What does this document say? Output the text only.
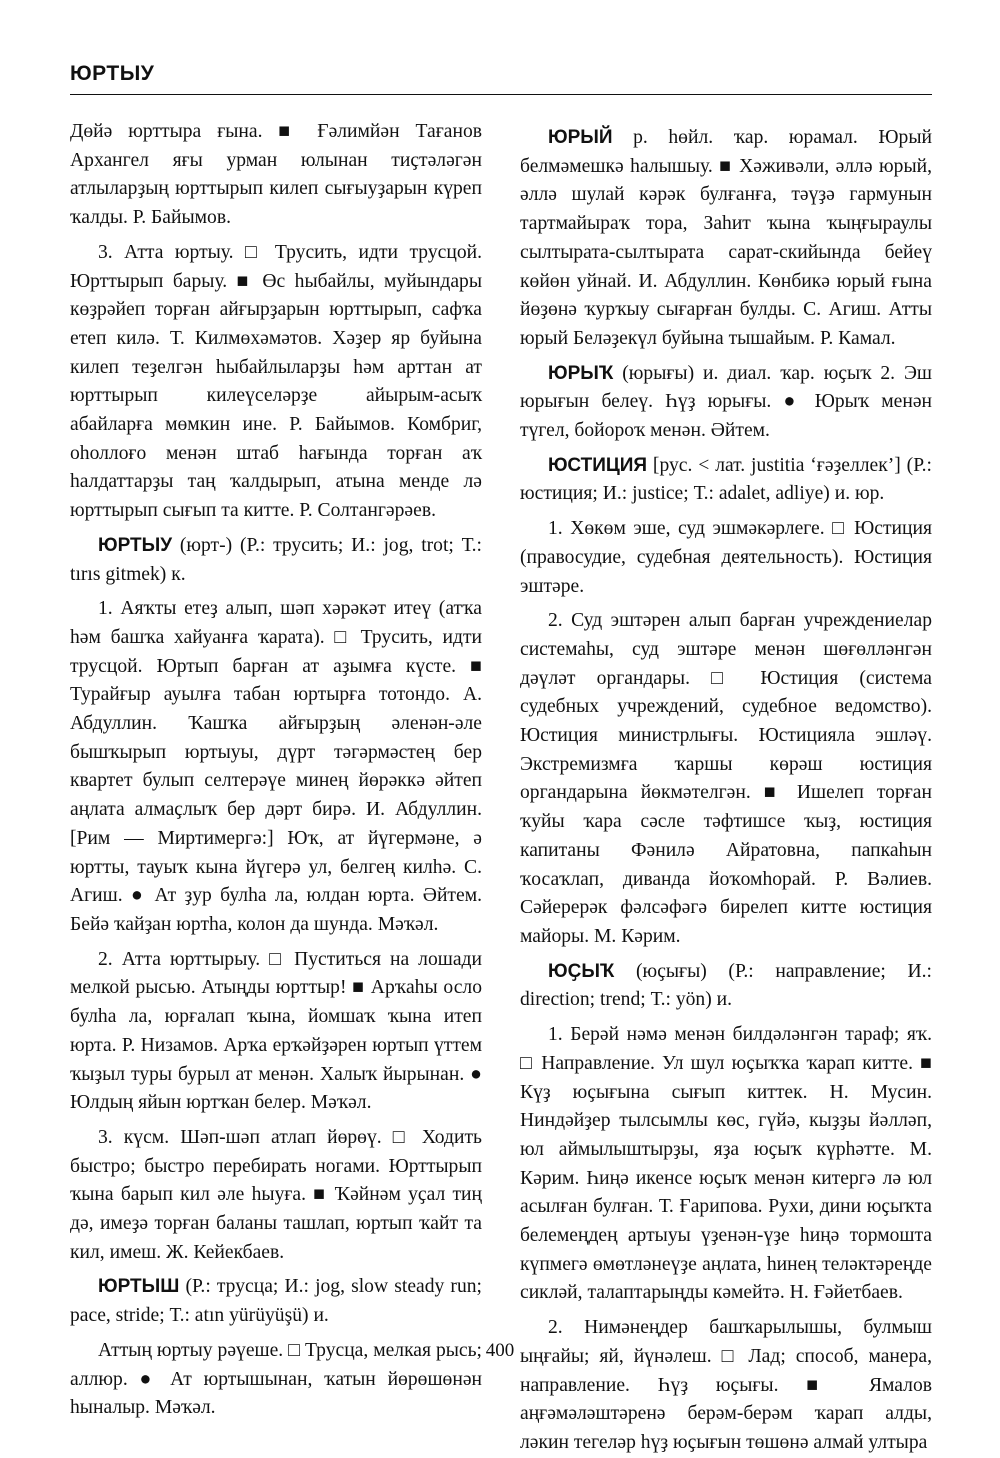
ЮРТЫУ

Дөйә юрттыра ғына. ■ Ғәлимйән Тағанов Архангел яғы урман юлынан тиҫтәләгән атлыларҙың юрттырып килеп сығыуҙарын күреп ҡалды. Р. Байымов.

3. Атта юртыу. □ Трусить, идти трусцой. Юрттырып барыу. ■ Өс һыбайлы, муйындары көҙрәйеп торған айғырҙарын юрттырып, сафҡа етеп килә. Т. Килмөхәмәтов. Хәҙер яр буйына килеп теҙелгән һыбайлыларҙы һәм арттан ат юрттырып килеүселәрҙе айырым-асыҡ абайларға мөмкин ине. Р. Байымов. Комбриг, оһоллоғо менән штаб һағында торған аҡ һалдаттарҙы таң ҡалдырып, атына менде лә юрттырып сығып та китте. Р. Солтангәрәев.

ЮРТЫУ (юрт-) (Р.: трусить; И.: jog, trot; Т.: tırıs gitmek) к.

1. Аяҡты етеҙ алып, шәп хәрәкәт итеү (атҡа һәм башҡа хайуанға ҡарата). □ Трусить, идти трусцой. Юртып барған ат аҙымға күсте. ■ Турайғыр ауылға табан юртырға тотондо. А. Абдуллин. Ҡашҡа айғырҙың әленән-әле бышҡырып юртыуы, дүрт тәгәрмәстең бер квартет булып селтерәүе минең йөрәккә әйтеп аңлата алмаҫлыҡ бер дәрт бирә. И. Абдуллин. [Рим — Миртимергә:] Юҡ, ат йүгермәне, ә юртты, тауыҡ кына йүгерә ул, белгең килһә. С. Агиш. ● Ат ҙур булһа ла, юлдан юрта. Әйтем. Бейә ҡайҙан юртһа, колон да шунда. Мәҡәл.

2. Атта юрттырыу. □ Пуститься на лошади мелкой рысью. Атыңды юрттыр! ■ Арҡаһы осло булһа ла, юрғалап ҡына, йомшаҡ ҡына итеп юрта. Р. Низамов. Арҡа ерҡәйҙәрен юртып үттем ҡыҙыл туры бурыл ат менән. Халыҡ йырынан. ● Юлдың яйын юртҡан белер. Мәҡәл.

3. күсм. Шәп-шәп атлап йөрөү. □ Ходить быстро; быстро перебирать ногами. Юрттырып ҡына барып кил әле һыуға. ■ Ҡәйнәм уҫал тиң дә, имеҙә торған баланы ташлап, юртып ҡайт та кил, имеш. Ж. Кейекбаев.

ЮРТЫШ (Р.: трусца; И.: jog, slow steady run; pace, stride; Т.: atın yürüyüşü) и.

Аттың юртыу рәүеше. □ Трусца, мелкая рысь; аллюр. ● Ат юртышынан, ҡатын йөрөшөнән һыналыр. Мәҡәл.

ЮРЫЙ р. һөйл. ҡар. юрамал. Юрый белмәмешкә һалышыу. ■ Хәживәли, әллә юрый, әллә шулай кәрәк булғанға, тәүҙә гармунын тартмайыраҡ тора, Заһит ҡына ҡыңғыраулы сылтырата-сылтырата сарат-скийында бейеү көйөн уйнай. И. Абдуллин. Көнбикә юрый ғына йөҙөнә ҡурҡыу сығарған булды. С. Агиш. Атты юрый Беләҙекүл буйына тышайым. Р. Камал.

ЮРЫҠ (юрығы) и. диал. ҡар. юҫыҡ 2. Эш юрығын белеү. Һүҙ юрығы. ● Юрыҡ менән түгел, бойороҡ менән. Әйтем.

ЮСТИЦИЯ [рус. < лат. justitia ‘ғәҙеллек’] (Р.: юстиция; И.: justice; Т.: adalet, adliye) и. юр.

1. Хөкөм эше, суд эшмәкәрлеге. □ Юстиция (правосудие, судебная деятельность). Юстиция эштәре.

2. Суд эштәрен алып барған учреждениелар системаһы, суд эштәре менән шөғөлләнгән дәүләт органдары. □ Юстиция (система судебных учреждений, судебное ведомство). Юстиция министрлығы. Юстицияла эшләү. Экстремизмға ҡаршы көрәш юстиция органдарына йөкмәтелгән. ■ Ишелеп торған ҡуйы ҡара сәсле тәфтишсе ҡыҙ, юстиция капитаны Фәнилә Айратовна, папкаһын ҡосаҡлап, диванда йоҡомһорай. Р. Вәлиев. Сәйерерәк фәлсәфәгә бирелеп китте юстиция майоры. М. Кәрим.

ЮҪЫҠ (юҫығы) (Р.: направление; И.: direction; trend; Т.: yön) и.

1. Берәй нәмә менән билдәләнгән тараф; яҡ. □ Направление. Ул шул юҫыҡҡа ҡарап китте. ■ Күҙ юҫығына сығып киттек. Н. Мусин. Ниндәйҙер тылсымлы көс, гүйә, кыҙҙы йәлләп, юл аймылыштырҙы, яҙа юҫыҡ күрһәтте. М. Кәрим. Һиңә икенсе юҫыҡ менән китергә лә юл асылған булған. Т. Ғарипова. Рухи, дини юҫыҡта белемеңдең артыуы үҙенән-үҙе һиңә тормошта күпмегә өмөтләнеүҙе аңлата, һинең теләктәреңде сикләй, талаптарыңды кәмейтә. Н. Ғәйетбаев.

2. Нимәнеңдер башҡарылышы, булмыш ыңғайы; яй, йүнәлеш. □ Лад; способ, манера, направление. Һүҙ юҫығы. ■ Ямалов аңғәмәләштәренә берәм-берәм ҡарап алды, ләкин тегеләр һүҙ юҫығын төшөнә алмай ултыра

400
